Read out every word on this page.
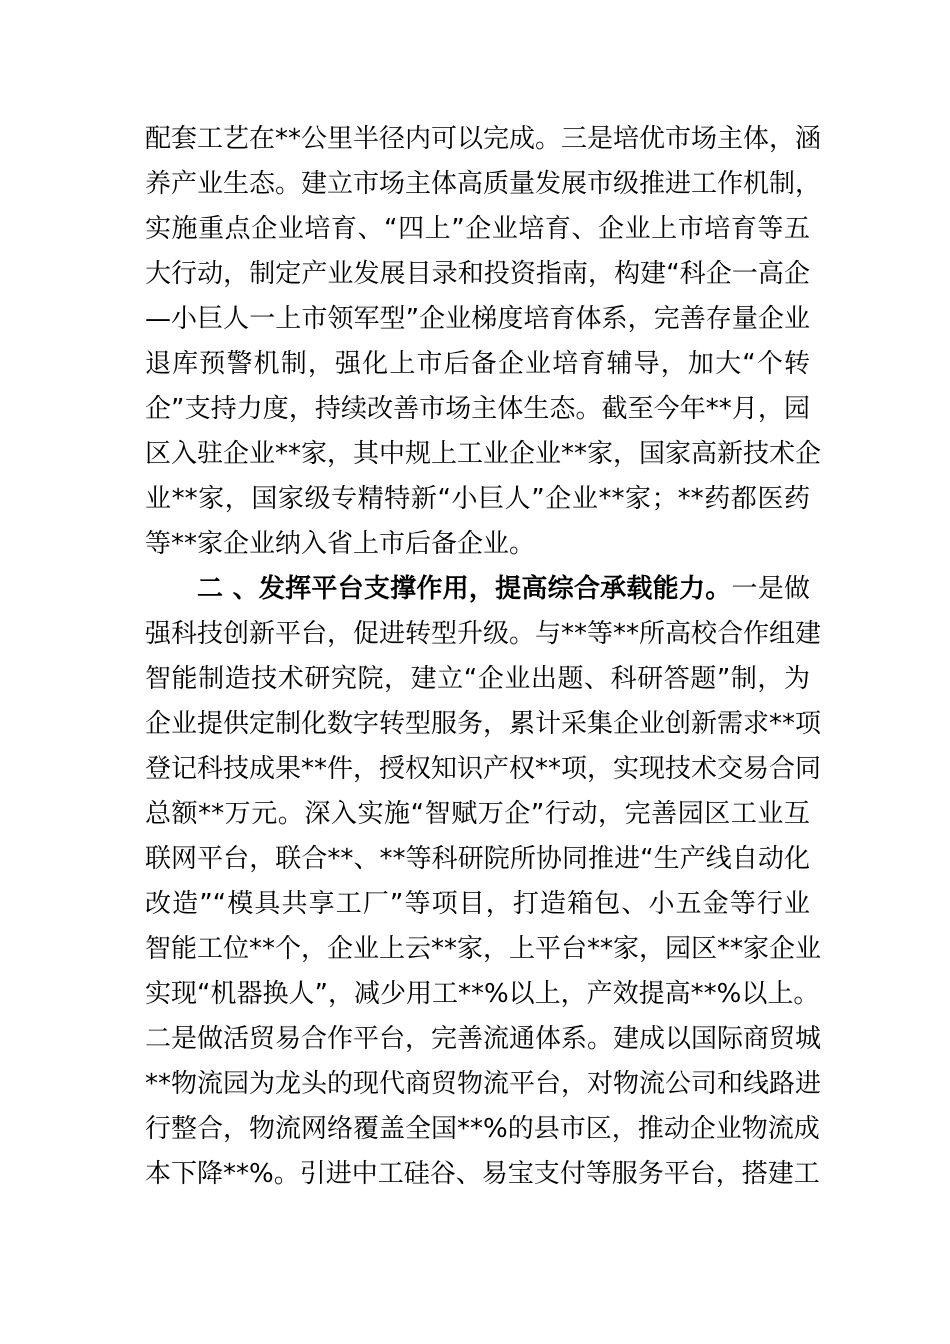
配套工艺在**公里半径内可以完成。三是培优市场主体，涵
养产业生态。建立市场主体高质量发展市级推进工作机制，
实施重点企业培育、“四上”企业培育、企业上市培育等五
大行动，制定产业发展目录和投资指南，构建“科企一高企
—小巨人一上市领军型”企业梯度培育体系，完善存量企业
退库预警机制，强化上市后备企业培育辅导，加大“个转
企”支持力度，持续改善市场主体生态。截至今年**月，园
区入驻企业**家，其中规上工业企业**家，国家高新技术企
业**家，国家级专精特新“小巨人”企业**家；**药都医药
等**家企业纳入省上市后备企业。
二 、发挥平台支撑作用，提高综合承载能力。一是做
强科技创新平台，促进转型升级。与**等**所高校合作组建
智能制造技术研究院，建立“企业出题、科研答题”制，为
企业提供定制化数字转型服务，累计采集企业创新需求**项
登记科技成果**件，授权知识产权**项，实现技术交易合同
总额**万元。深入实施“智赋万企”行动，完善园区工业互
联网平台，联合**、**等科研院所协同推进“生产线自动化
改造”“模具共享工厂”等项目，打造箱包、小五金等行业
智能工位**个，企业上云**家，上平台**家，园区**家企业
实现“机器换人”，减少用工**%以上，产效提高**%以上。
二是做活贸易合作平台，完善流通体系。建成以国际商贸城
**物流园为龙头的现代商贸物流平台，对物流公司和线路进
行整合，物流网络覆盖全国**%的县市区，推动企业物流成
本下降**%。引进中工硅谷、易宝支付等服务平台，搭建工
